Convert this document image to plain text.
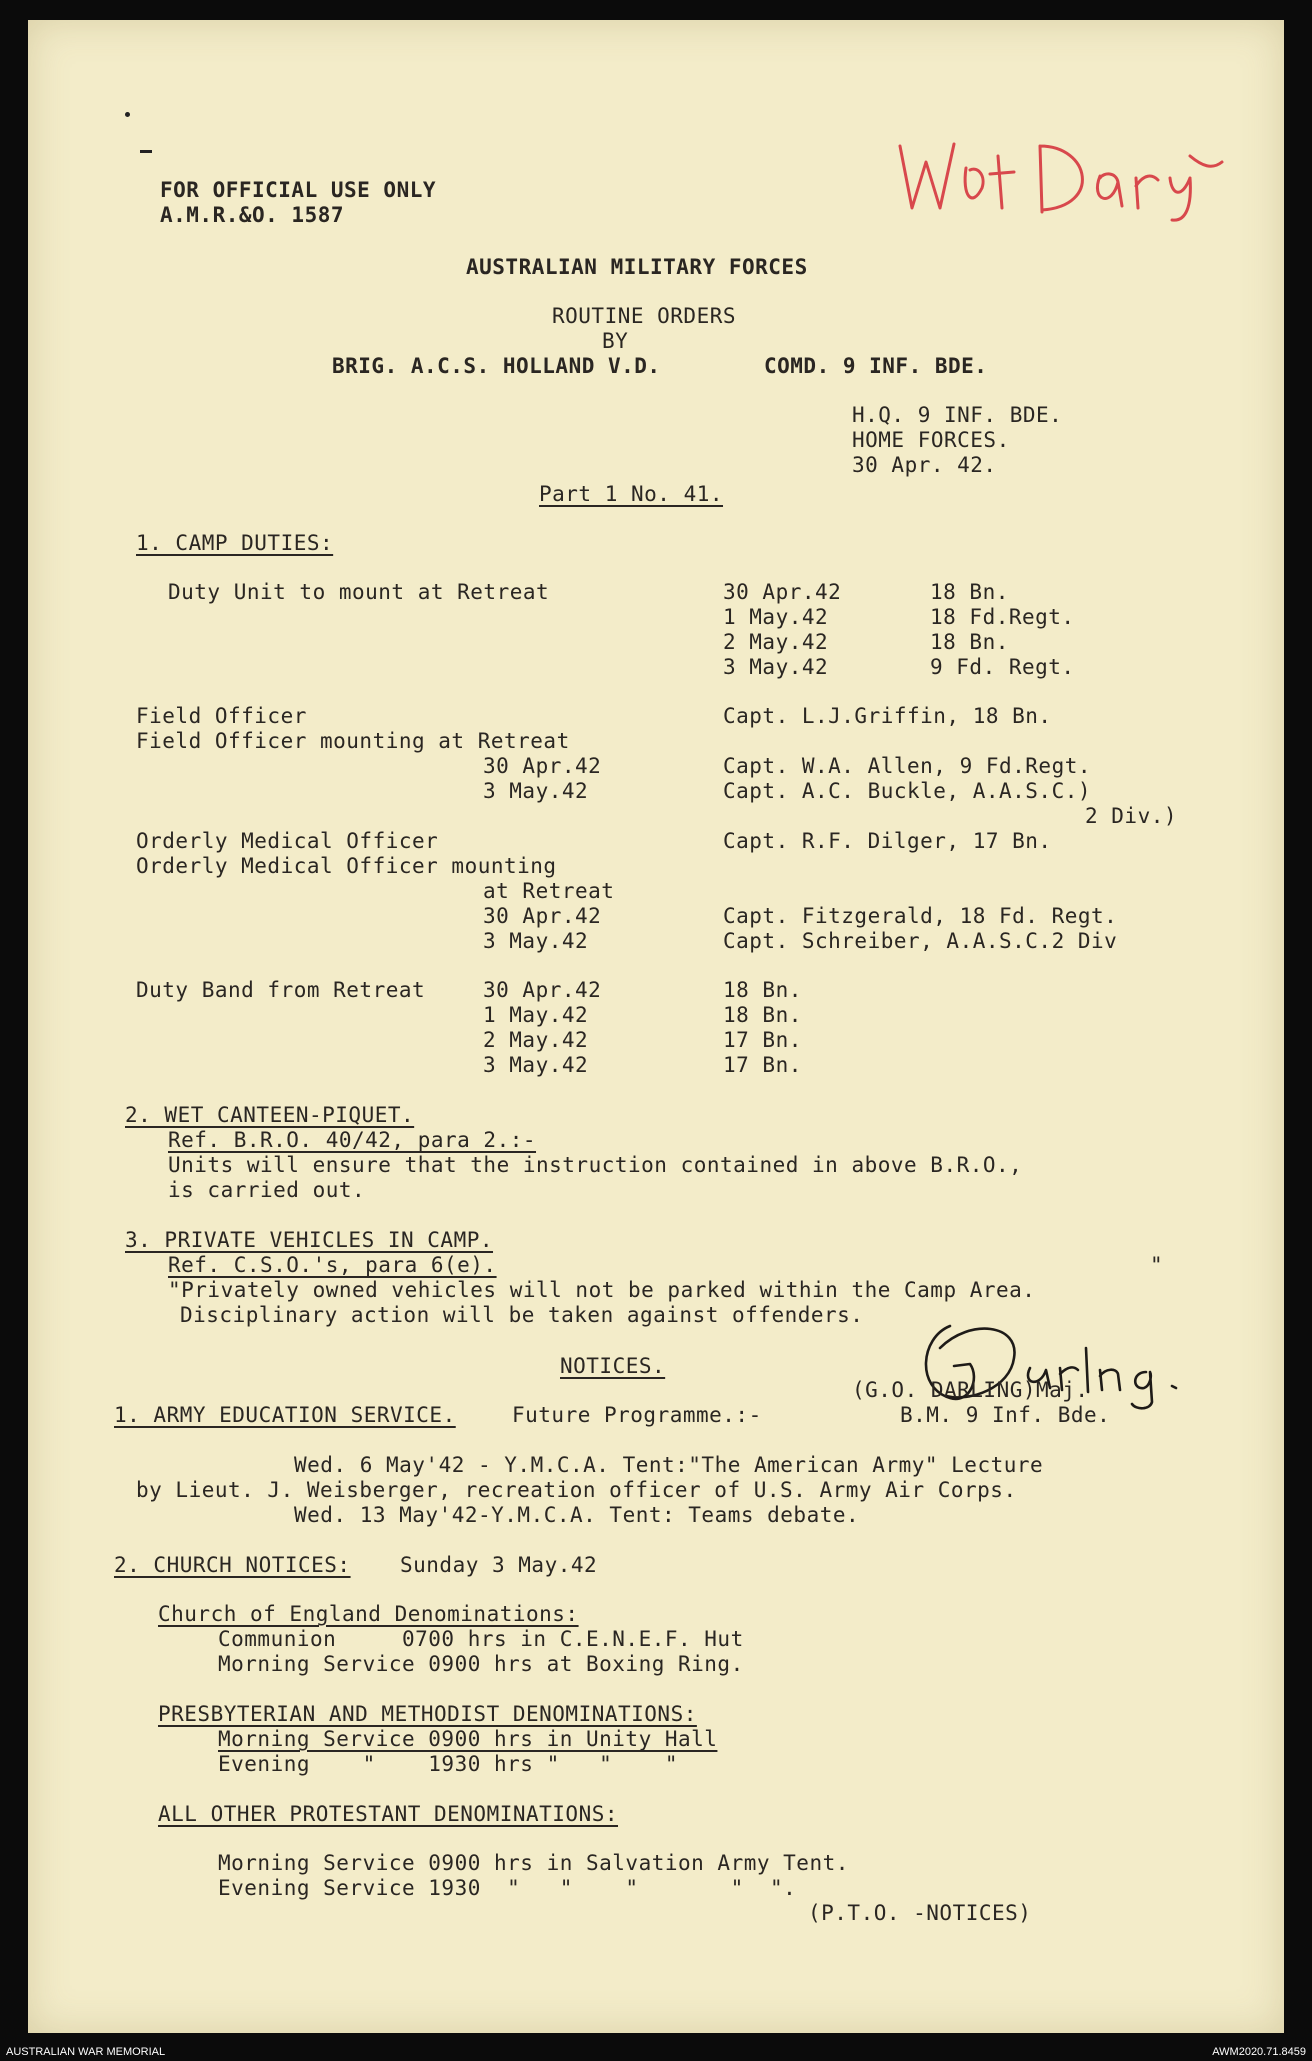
FOR OFFICIAL USE ONLY
A.M.R.&O. 1587
AUSTRALIAN MILITARY FORCES
ROUTINE ORDERS
BY
BRIG. A.C.S. HOLLAND V.D.	COMD. 9 INF. BDE.
H.Q. 9 INF. BDE.
HOME FORCES.
30 Apr. 42.
Part 1 No. 41.
1. CAMP DUTIES:
Duty Unit to mount at Retreat	30 Apr.42	18 Bn.
1 May.42	18 Fd.Regt.
2 May.42	18 Bn.
3 May.42	9 Fd. Regt.
Field Officer	Capt. L.J.Griffin, 18 Bn.
Field Officer mounting at Retreat
30 Apr.42	Capt. W.A. Allen, 9 Fd.Regt.
3 May.42	Capt. A.C. Buckle, A.A.S.C.)
2 Div.)
Orderly Medical Officer	Capt. R.F. Dilger, 17 Bn.
Orderly Medical Officer mounting
at Retreat
30 Apr.42	Capt. Fitzgerald, 18 Fd. Regt.
3 May.42	Capt. Schreiber, A.A.S.C.2 Div
Duty Band from Retreat	30 Apr.42	18 Bn.
1 May.42	18 Bn.
2 May.42	17 Bn.
3 May.42	17 Bn.
2. WET CANTEEN-PIQUET.
Ref. B.R.O. 40/42, para 2.:-
Units will ensure that the instruction contained in above B.R.O.,
is carried out.
3. PRIVATE VEHICLES IN CAMP.
Ref. C.S.O.'s, para 6(e).	"
"Privately owned vehicles will not be parked within the Camp Area.
Disciplinary action will be taken against offenders.
NOTICES.
(G.O. DARLING)Maj.
1. ARMY EDUCATION SERVICE.	Future Programme.:-	B.M. 9 Inf. Bde.
Wed. 6 May'42 - Y.M.C.A. Tent:"The American Army" Lecture
by Lieut. J. Weisberger, recreation officer of U.S. Army Air Corps.
Wed. 13 May'42-Y.M.C.A. Tent: Teams debate.
2. CHURCH NOTICES: Sunday 3 May.42
Church of England Denominations:
Communion     0700 hrs in C.E.N.E.F. Hut
Morning Service 0900 hrs at Boxing Ring.
PRESBYTERIAN AND METHODIST DENOMINATIONS:
Morning Service 0900 hrs in Unity Hall
Evening    "    1930 hrs "   "    "
ALL OTHER PROTESTANT DENOMINATIONS:
Morning Service 0900 hrs in Salvation Army Tent.
Evening Service 1930  "   "    "       "  ".
(P.T.O. -NOTICES)
AUSTRALIAN WAR MEMORIAL	AWM2020.71.8459
